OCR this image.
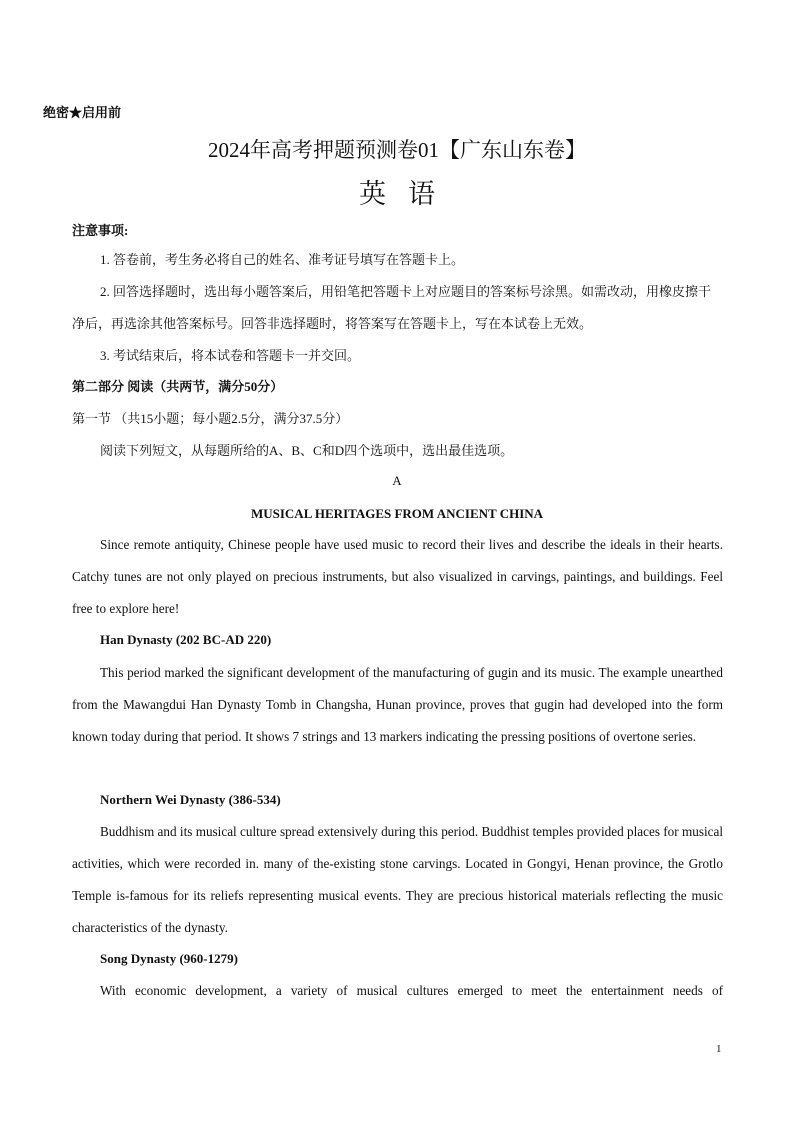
绝密★启用前
2024年高考押题预测卷01【广东山东卷】
英语
注意事项:
1. 答卷前，考生务必将自己的姓名、准考证号填写在答题卡上。
2. 回答选择题时，选出每小题答案后，用铅笔把答题卡上对应题目的答案标号涂黑。如需改动，用橡皮擦干净后，再选涂其他答案标号。回答非选择题时，将答案写在答题卡上，写在本试卷上无效。
3. 考试结束后，将本试卷和答题卡一并交回。
第二部分 阅读（共两节，满分50分）
第一节 （共15小题；每小题2.5分，满分37.5分）
阅读下列短文，从每题所给的A、B、C和D四个选项中，选出最佳选项。
A
MUSICAL HERITAGES FROM ANCIENT CHINA
Since remote antiquity, Chinese people have used music to record their lives and describe the ideals in their hearts. Catchy tunes are not only played on precious instruments, but also visualized in carvings, paintings, and buildings. Feel free to explore here!
Han Dynasty (202 BC-AD 220)
This period marked the significant development of the manufacturing of gugin and its music. The example unearthed from the Mawangdui Han Dynasty Tomb in Changsha, Hunan province, proves that gugin had developed into the form known today during that period. It shows 7 strings and 13 markers indicating the pressing positions of overtone series.
Northern Wei Dynasty (386-534)
Buddhism and its musical culture spread extensively during this period. Buddhist temples provided places for musical activities, which were recorded in. many of the-existing stone carvings. Located in Gongyi, Henan province, the Grotlo Temple is-famous for its reliefs representing musical events. They are precious historical materials reflecting the music characteristics of the dynasty.
Song Dynasty (960-1279)
With economic development, a variety of musical cultures emerged to meet the entertainment needs of
1
